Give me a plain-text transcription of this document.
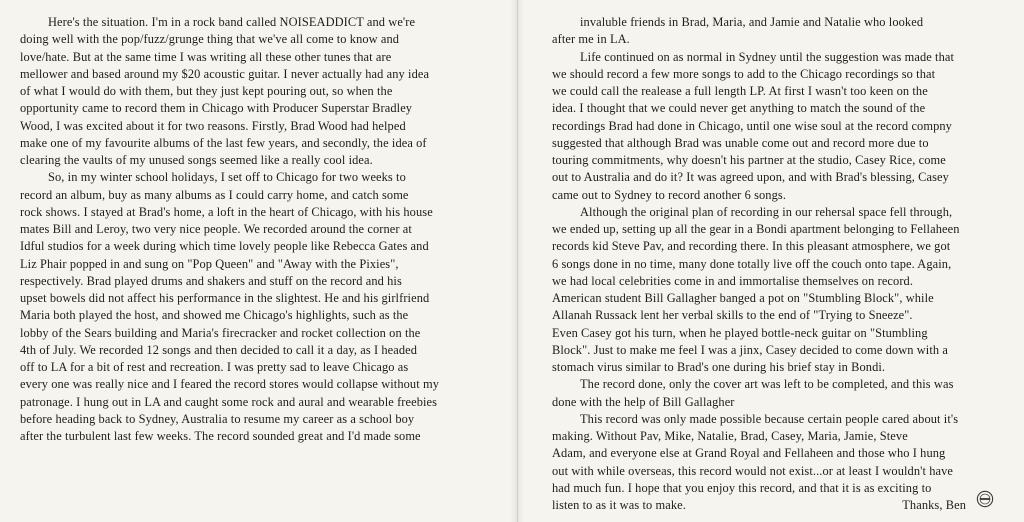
Here's the situation. I'm in a rock band called NOISEADDICT and we're
doing well with the pop/fuzz/grunge thing that we've all come to know and
love/hate. But at the same time I was writing all these other tunes that are
mellower and based around my $20 acoustic guitar. I never actually had any idea
of what I would do with them, but they just kept pouring out, so when the
opportunity came to record them in Chicago with Producer Superstar Bradley
Wood, I was excited about it for two reasons. Firstly, Brad Wood had helped
make one of my favourite albums of the last few years, and secondly, the idea of
clearing the vaults of my unused songs seemed like a really cool idea.
So, in my winter school holidays, I set off to Chicago for two weeks to
record an album, buy as many albums as I could carry home, and catch some
rock shows. I stayed at Brad's home, a loft in the heart of Chicago, with his house
mates Bill and Leroy, two very nice people. We recorded around the corner at
Idful studios for a week during which time lovely people like Rebecca Gates and
Liz Phair popped in and sung on "Pop Queen" and "Away with the Pixies",
respectively. Brad played drums and shakers and stuff on the record and his
upset bowels did not affect his performance in the slightest. He and his girlfriend
Maria both played the host, and showed me Chicago's highlights, such as the
lobby of the Sears building and Maria's firecracker and rocket collection on the
4th of July. We recorded 12 songs and then decided to call it a day, as I headed
off to LA for a bit of rest and recreation. I was pretty sad to leave Chicago as
every one was really nice and I feared the record stores would collapse without my
patronage. I hung out in LA and caught some rock and aural and wearable freebies
before heading back to Sydney, Australia to resume my career as a school boy
after the turbulent last few weeks. The record sounded great and I'd made some
invaluble friends in Brad, Maria, and Jamie and Natalie who looked
after me in LA.
Life continued on as normal in Sydney until the suggestion was made that
we should record a few more songs to add to the Chicago recordings so that
we could call the realease a full length LP. At first I wasn't too keen on the
idea. I thought that we could never get anything to match the sound of the
recordings Brad had done in Chicago, until one wise soul at the record compny
suggested that although Brad was unable come out and record more due to
touring commitments, why doesn't his partner at the studio, Casey Rice, come
out to Australia and do it? It was agreed upon, and with Brad's blessing, Casey
came out to Sydney to record another 6 songs.
Although the original plan of recording in our rehersal space fell through,
we ended up, setting up all the gear in a Bondi apartment belonging to Fellaheen
records kid Steve Pav, and recording there. In this pleasant atmosphere, we got
6 songs done in no time, many done totally live off the couch onto tape. Again,
we had local celebrities come in and immortalise themselves on record.
American student Bill Gallagher banged a pot on "Stumbling Block", while
Allanah Russack lent her verbal skills to the end of "Trying to Sneeze".
Even Casey got his turn, when he played bottle-neck guitar on "Stumbling
Block". Just to make me feel I was a jinx, Casey decided to come down with a
stomach virus similar to Brad's one during his brief stay in Bondi.
The record done, only the cover art was left to be completed, and this was
done with the help of Bill Gallagher
This record was only made possible because certain people cared about it's
making. Without Pav, Mike, Natalie, Brad, Casey, Maria, Jamie, Steve
Adam, and everyone else at Grand Royal and Fellaheen and those who I hung
out with while overseas, this record would not exist...or at least I wouldn't have
had much fun. I hope that you enjoy this record, and that it is as exciting to
listen to as it was to make.	Thanks, Ben
